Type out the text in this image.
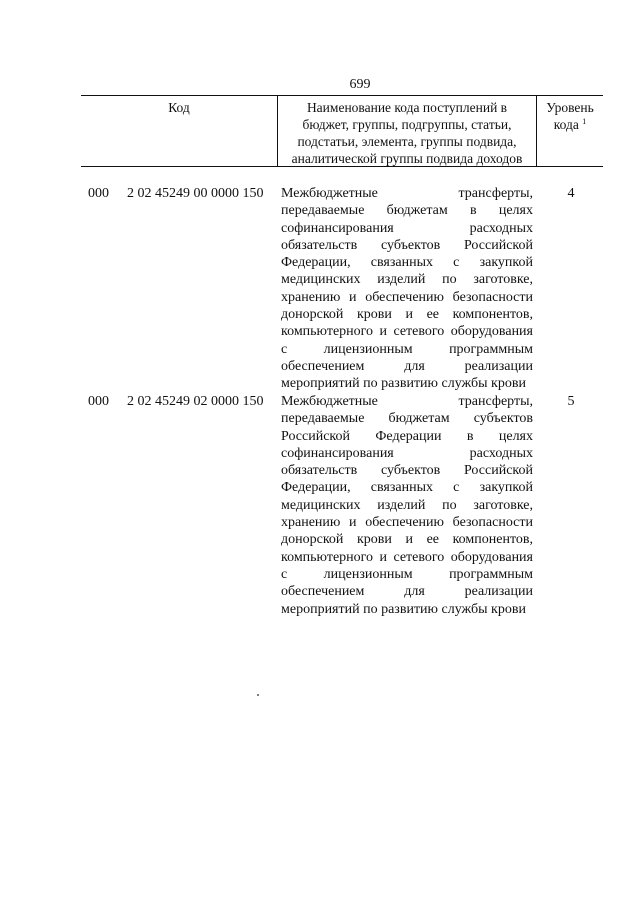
699
Код	Наименование кода поступлений в
бюджет, группы, подгруппы, статьи,
подстатьи, элемента, группы подвида,
аналитической группы подвида доходов
Уровень
кода $^1$
000 2 02 45249 00 0000 150 Межбюджетные трансферты,
передаваемые бюджетам в целях
софинансирования расходных
обязательств субъектов Российской
Федерации, связанных с закупкой
медицинских изделий по заготовке,
хранению и обеспечению безопасности
донорской крови и ее компонентов,
компьютерного и сетевого оборудования
с лицензионным программным
обеспечением для реализации
мероприятий по развитию службы крови
4
000 2 02 45249 02 0000 150 Межбюджетные трансферты,
передаваемые бюджетам субъектов
Российской Федерации в целях
софинансирования расходных
обязательств субъектов Российской
Федерации, связанных с закупкой
медицинских изделий по заготовке,
хранению и обеспечению безопасности
донорской крови и ее компонентов,
компьютерного и сетевого оборудования
с лицензионным программным
обеспечением для реализации
мероприятий по развитию службы крови
5
